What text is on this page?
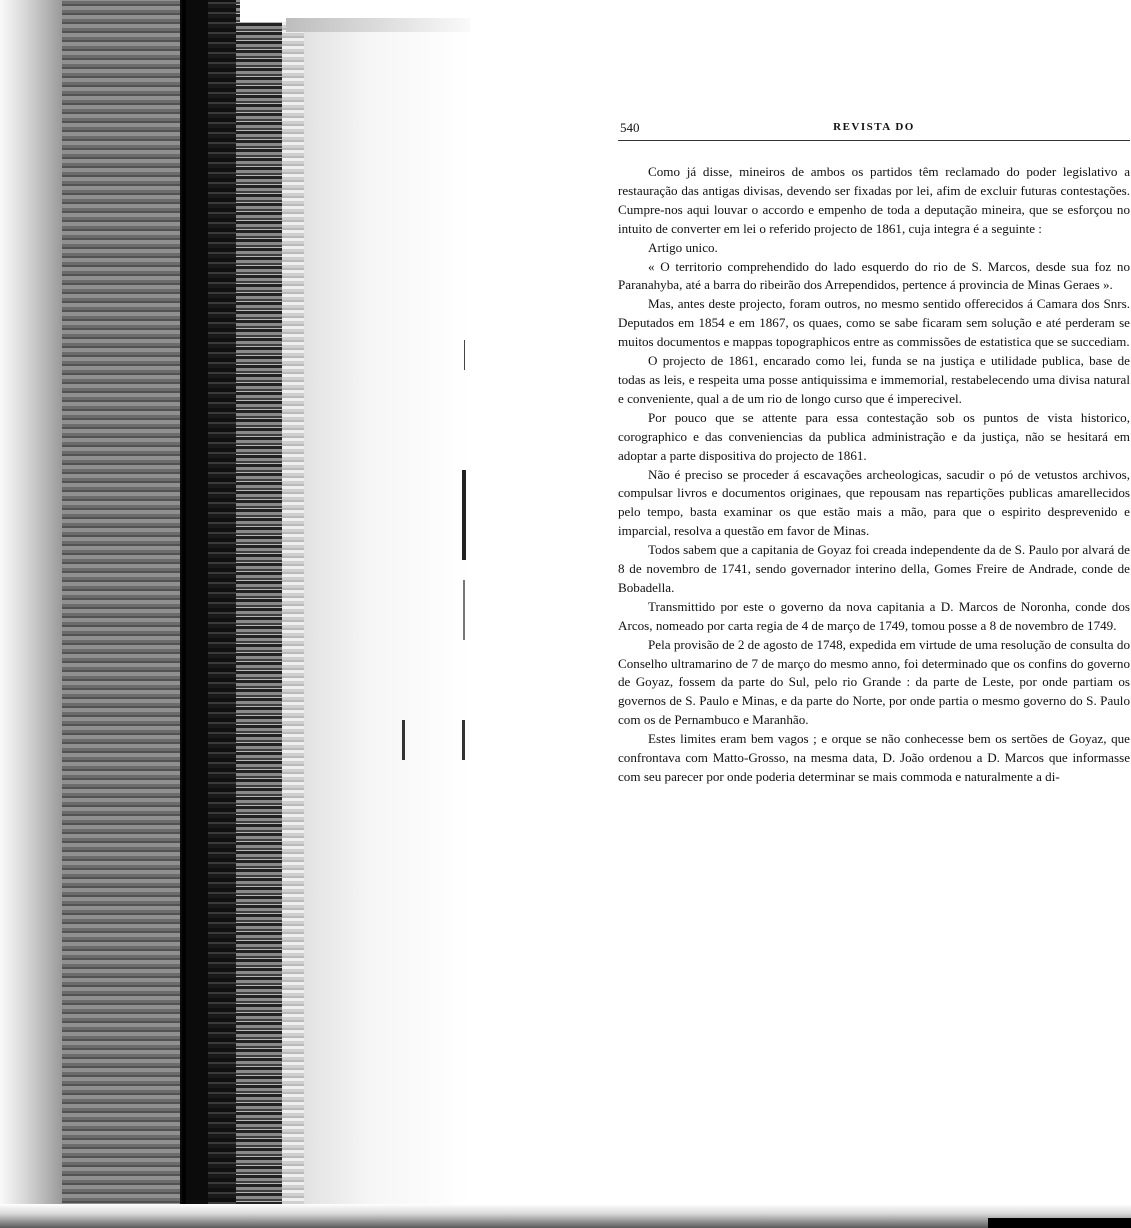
540	REVISTA DO

Como já disse, mineiros de ambos os partidos têm reclamado do poder legislativo a restauração das antigas divisas, devendo ser fixadas por lei, afim de excluir futuras contestações. Cumpre-nos aqui louvar o accordo e empenho de toda a deputação mineira, que se esforçou no intuito de converter em lei o referido projecto de 1861, cuja integra é a seguinte :

Artigo unico.

« O territorio comprehendido do lado esquerdo do rio de S. Marcos, desde sua foz no Paranahyba, até a barra do ribeirão dos Arrependidos, pertence á provincia de Minas Geraes ».

Mas, antes deste projecto, foram outros, no mesmo sentido offerecidos á Camara dos Snrs. Deputados em 1854 e em 1867, os quaes, como se sabe ficaram sem solução e até perderam se muitos documentos e mappas topographicos entre as commissões de estatistica que se succediam.

O projecto de 1861, encarado como lei, funda se na justiça e utilidade publica, base de todas as leis, e respeita uma posse antiquissima e immemorial, restabelecendo uma divisa natural e conveniente, qual a de um rio de longo curso que é imperecivel.

Por pouco que se attente para essa contestação sob os puntos de vista historico, corographico e das conveniencias da publica administração e da justiça, não se hesitará em adoptar a parte dispositiva do projecto de 1861.

Não é preciso se proceder á escavações archeologicas, sacudir o pó de vetustos archivos, compulsar livros e documentos originaes, que repousam nas repartições publicas amarellecidos pelo tempo, basta examinar os que estão mais a mão, para que o espirito desprevenido e imparcial, resolva a questão em favor de Minas.

Todos sabem que a capitania de Goyaz foi creada independente da de S. Paulo por alvará de 8 de novembro de 1741, sendo governador interino della, Gomes Freire de Andrade, conde de Bobadella.

Transmittido por este o governo da nova capitania a D. Marcos de Noronha, conde dos Arcos, nomeado por carta regia de 4 de março de 1749, tomou posse a 8 de novembro de 1749.

Pela provisão de 2 de agosto de 1748, expedida em virtude de uma resolução de consulta do Conselho ultramarino de 7 de março do mesmo anno, foi determinado que os confins do governo de Goyaz, fossem da parte do Sul, pelo rio Grande : da parte de Leste, por onde partiam os governos de S. Paulo e Minas, e da parte do Norte, por onde partia o mesmo governo do S. Paulo com os de Pernambuco e Maranhão.

Estes limites eram bem vagos ; e orque se não conhecesse bem os sertões de Goyaz, que confrontava com Matto-Grosso, na mesma data, D. João ordenou a D. Marcos que informasse com seu parecer por onde poderia determinar se mais commoda e naturalmente a di-
